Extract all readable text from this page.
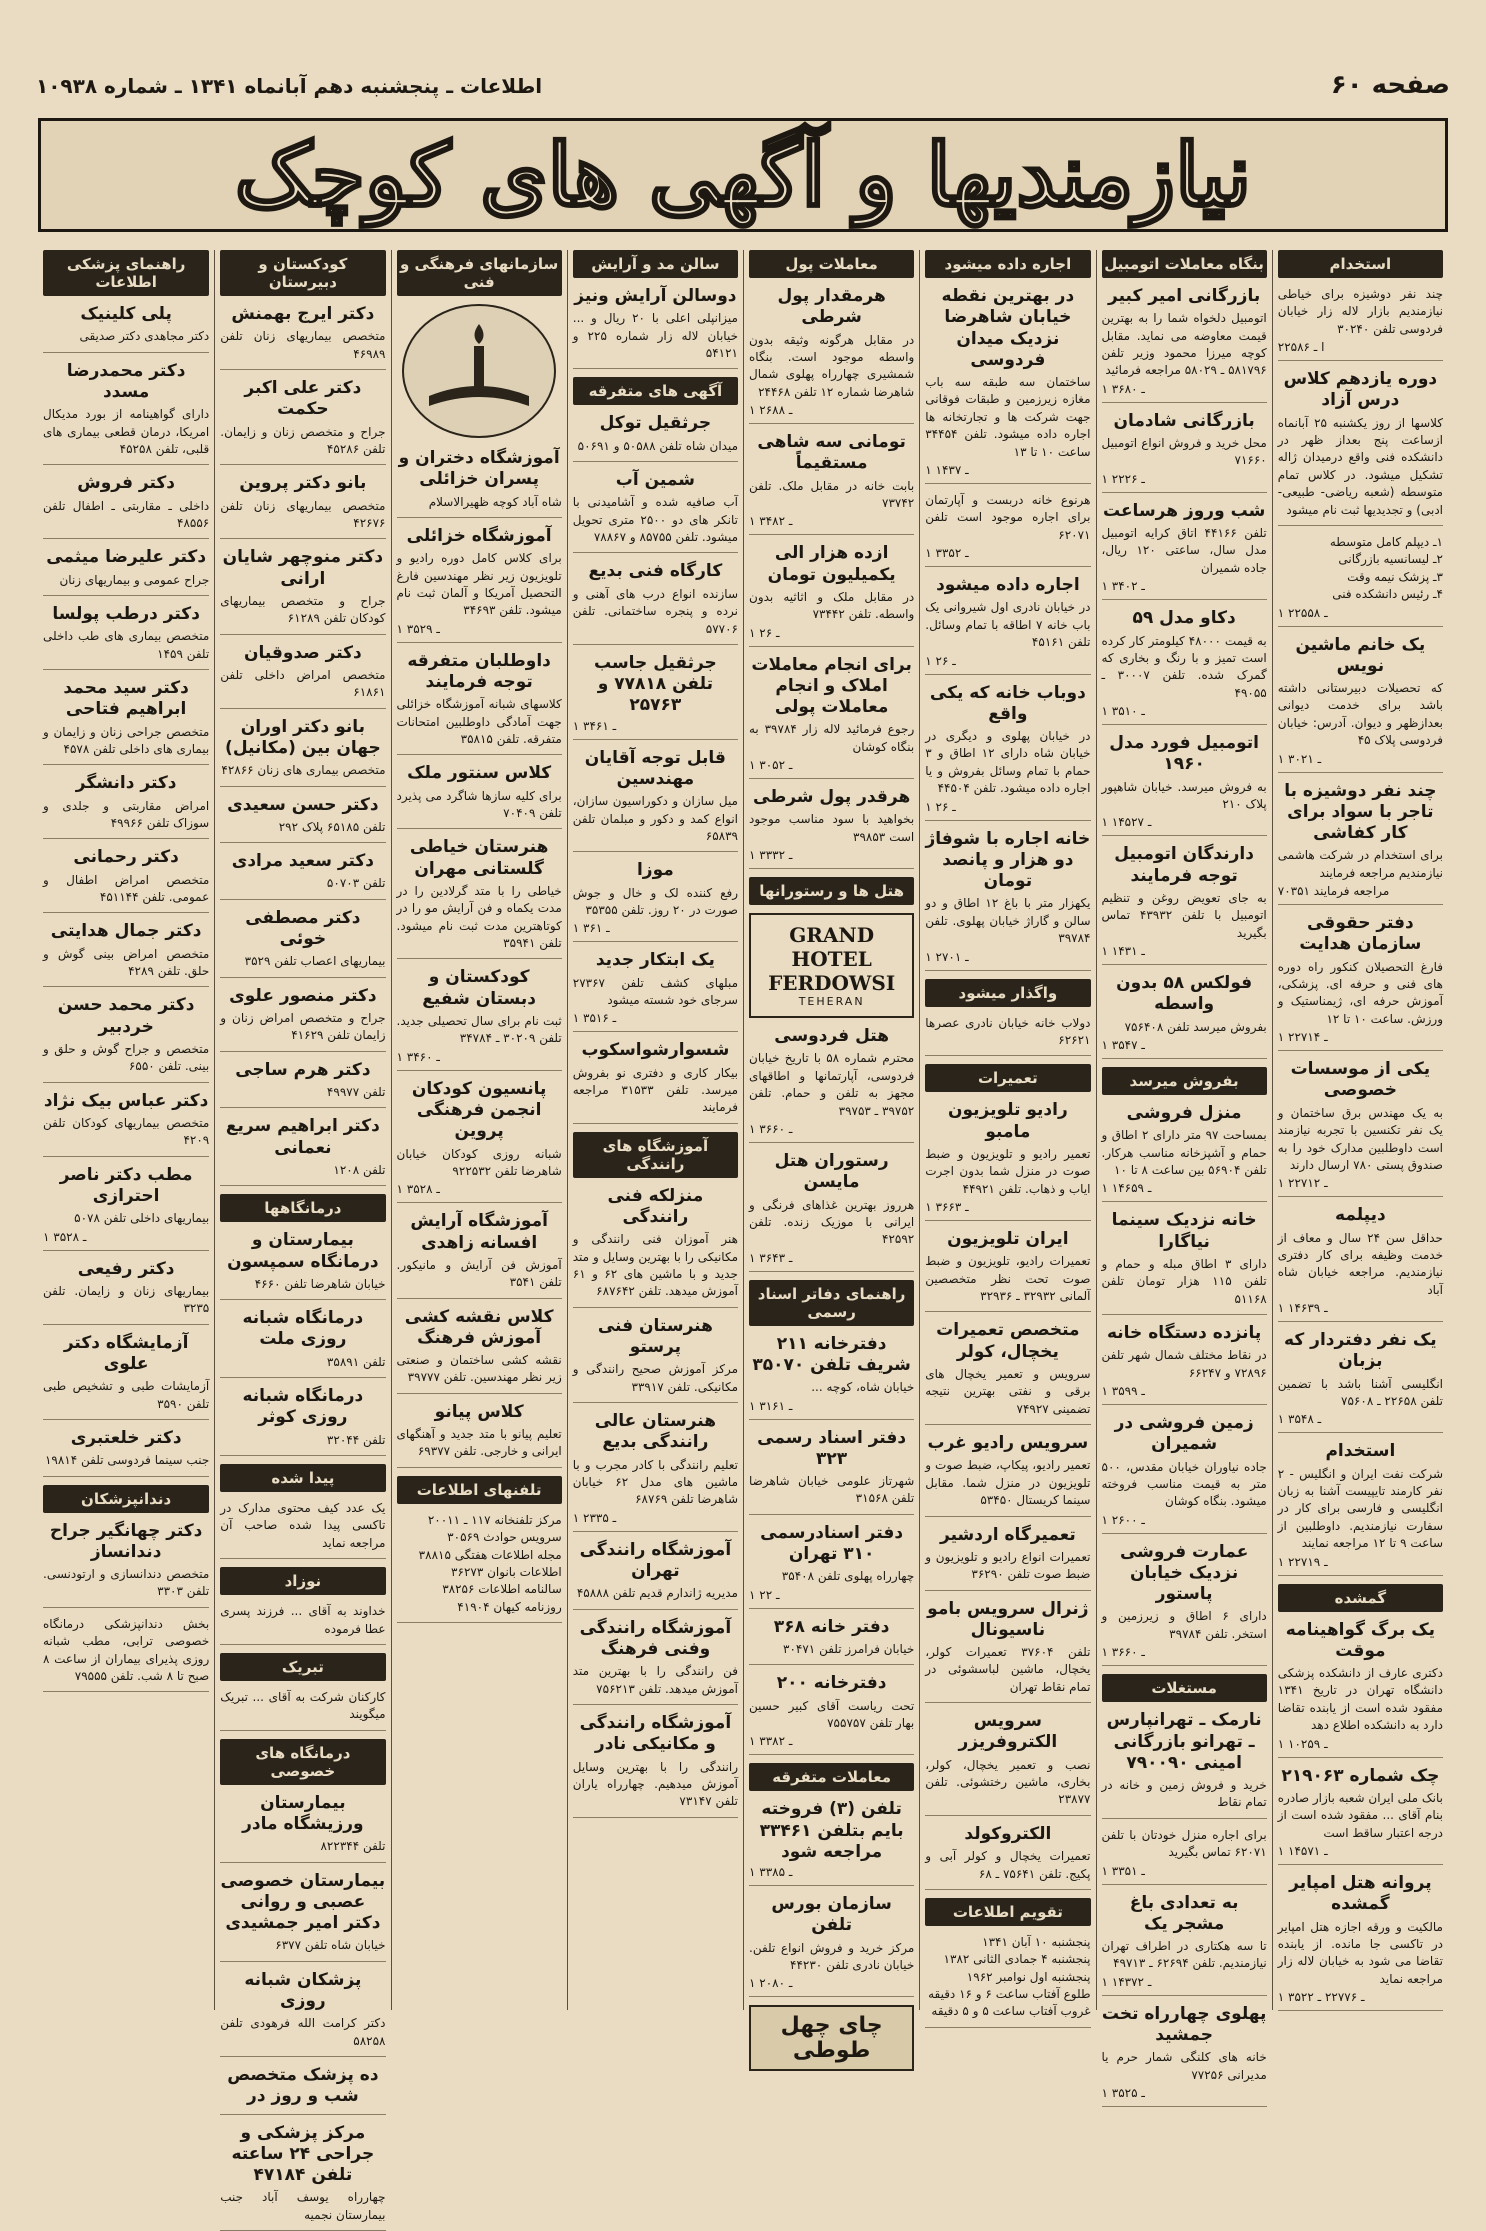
صفحه ۶۰
اطلاعات ـ پنجشنبه دهم آبانماه ۱۳۴۱ ـ شماره ۱۰۹۳۸
نیازمندیها و آگهی های کوچک
استخدام
چند نفر دوشیزه برای خیاطی نیازمندیم بازار لاله زار خیابان فردوسی تلفن ۳۰۲۴۰
ا‍ ـ ۲۲۵۸۶
دوره یازدهم کلاس درس آزاد
کلاسها از روز یکشنبه ۲۵ آبانماه ازساعت پنج بعداز ظهر در دانشکده فنی واقع درمیدان ژاله تشکیل میشود. در کلاس تمام متوسطه (شعبه ریاضی- طبیعی- ادبی) و تجدیدیها ثبت نام میشود
۱ـ دیپلم کامل متوسطه
۲ـ لیسانسیه بازرگانی
۳ـ پزشک نیمه وقت
۴ـ رئیس دانشکده فنی
۱ ـ ۲۲۵۵۸
یک خانم ماشین نویس
که تحصیلات دبیرستانی داشته باشد برای خدمت دیوانی بعدازظهر و دیوان. آدرس: خیابان فردوسی پلاک ۴۵
۱ ـ ۳۰۲۱
چند نفر دوشیزه با تاجر با سواد برای کار کفاشی
برای استخدام در شرکت هاشمی نیازمندیم مراجعه فرمایند
۷۰۳۵۱ مراجعه فرمایند
دفتر حقوقی سازمان هدایت
فارغ التحصیلان کنکور راه دوره های فنی و حرفه ای. پزشکی، آموزش حرفه ای، ژیمناستیک و ورزش. ساعت ۱۰ تا ۱۲
۱ ـ ۲۲۷۱۴
یکی از موسسات خصوصی
به یک مهندس برق ساختمان و یک نفر تکنسین با تجربه نیازمند است داوطلبین مدارک خود را به صندوق پستی ۷۸۰ ارسال دارند
۱ ـ ۲۲۷۱۲
دیپلمه
حداقل سن ۲۴ سال و معاف از خدمت وظیفه برای کار دفتری نیازمندیم. مراجعه خیابان شاه آباد
۱ ـ ۱۴۶۳۹
یک نفر دفتردار که بزبان
انگلیسی آشنا باشد با تضمین تلفن ۲۲۶۵۸ ـ ۷۵۶۰۸
۱ ـ ۳۵۴۸
استخدام
شرکت نفت ایران و انگلیس - ۲ نفر کارمند تایپیست آشنا به زبان انگلیسی و فارسی برای کار در سفارت نیازمندیم. داوطلبین از ساعت ۹ تا ۱۲ مراجعه نمایند
۱ ـ ۲۲۷۱۹
گمشده
یک برگ گواهینامه موقت
دکتری عارف از دانشکده پزشکی دانشگاه تهران در تاریخ ۱۳۴۱ مفقود شده است از یابنده تقاضا دارد به دانشکده اطلاع دهد
۱ ـ ۱۰۲۵۹
چک شماره ۲۱۹۰۶۳
بانک ملی ایران شعبه بازار صادره بنام آقای ... مفقود شده است از درجه اعتبار ساقط است
۱ ـ ۱۴۵۷۱
پروانه هتل امپایر گمشده
مالکیت و ورقه اجازه هتل امپایر در تاکسی جا مانده. از یابنده تقاضا می شود به خیابان لاله زار مراجعه نماید
۱ ـ ۲۲۷۷۶ ـ ۳۵۲۲
بنگاه معاملات اتومبیل
بازرگانی امیر کبیر
اتومبیل دلخواه شما را به بهترین قیمت معاوضه می نماید. مقابل کوچه میرزا محمود وزیر تلفن ۵۸۱۷۹۶ ـ ۵۸۰۲۹ مراجعه فرمائید
۱ ـ ۳۶۸۰
بازرگانی شادمان
محل خرید و فروش انواع اتومبیل ۷۱۶۶۰
۱ ـ ۲۲۲۶
شب وروز هرساعت
تلفن ۴۴۱۶۶ اتاق کرایه اتومبیل مدل سال، ساعتی ۱۲۰ ریال، جاده شمیران
۱ ـ ۳۴۰۲
دکاو مدل ۵۹
به قیمت ۴۸۰۰۰ کیلومتر کار کرده است تمیز و با رنگ و بخاری که گمرک شده. تلفن ۳۰۰۰۷ ـ ۴۹۰۵۵
۱ ـ ۳۵۱۰
اتومبیل فورد مدل ۱۹۶۰
به فروش میرسد. خیابان شاهپور پلاک ۲۱۰
۱ ـ ۱۴۵۲۷
دارندگان اتومبیل توجه فرمایند
به جای تعویض روغن و تنظیم اتومبیل با تلفن ۴۳۹۳۲ تماس بگیرید
۱ ـ ۱۴۳۱
فولکس ۵۸ بدون واسطه
بفروش میرسد تلفن ۷۵۶۴۰۸
۱ ـ ۳۵۴۷
بفروش میرسد
منزل فروشی
بمساحت ۹۷ متر دارای ۲ اطاق و حمام و آشپزخانه مناسب هرکار. تلفن ۵۶۹۰۴ بین ساعت ۸ تا ۱۰
۱ ـ ۱۴۶۵۹
خانه نزدیک سینما نیاگارا
دارای ۳ اطاق مبله و حمام و تلفن ۱۱۵ هزار تومان تلفن ۵۱۱۶۸
پانزده دستگاه خانه
در نقاط مختلف شمال شهر تلفن ۷۲۸۹۶ و ۶۶۲۴۷
۱ ـ ۳۵۹۹
زمین فروشی در شمیران
جاده نیاوران خیابان مقدس، ۵۰۰ متر به قیمت مناسب فروخته میشود. بنگاه کوشان
۱ ـ ۲۶۰۰
عمارت فروشی نزدیک خیابان پاستور
دارای ۶ اطاق و زیرزمین و استخر. تلفن ۳۹۷۸۴
۱ ـ ۳۶۶۰
مستغلات
نارمک ـ تهرانپارس ـ تهرانو بازرگانی امینی ۷۹۰۰۹۰
خرید و فروش زمین و خانه در تمام نقاط
برای اجاره منزل خودتان با تلفن ۶۲۰۷۱ تماس بگیرید
۱ ـ ۳۳۵۱
به تعدادی باغ مشجر یک
تا سه هکتاری در اطراف تهران نیازمندیم. تلفن ۶۲۶۹۴ ـ ۴۹۷۱۳
۱ ـ ۱۴۳۷۲
پهلوی چهارراه تخت جمشید
خانه های کلنگی شمار حرم یا مدیرانی ۷۷۲۵۶
۱ ـ ۳۵۲۵
اجاره داده میشود
در بهترین نقطه خیابان شاهرضا نزدیک میدان فردوسی
ساختمان سه طبقه سه باب مغازه زیرزمین و طبقات فوقانی جهت شرکت ها و تجارتخانه ها اجاره داده میشود. تلفن ۳۴۴۵۴ ساعت ۱۰ تا ۱۳
۱ ـ ۱۴۳۷
هرنوع خانه دربست و آپارتمان برای اجاره موجود است تلفن ۶۲۰۷۱
۱ ـ ۳۳۵۲
اجاره داده میشود
در خیابان نادری اول شیروانی یک باب خانه ۷ اطاقه با تمام وسائل. تلفن ۴۵۱۶۱
۱ ـ ۲۶
دوباب خانه که یکی واقع
در خیابان پهلوی و دیگری در خیابان شاه دارای ۱۲ اطاق و ۳ حمام با تمام وسائل بفروش و یا اجاره داده میشود. تلفن ۴۴۵۰۴
۱ ـ ۲۶
خانه اجاره با شوفاژ دو هزار و پانصد تومان
یکهزار متر با باغ ۱۲ اطاق و دو سالن و گاراژ خیابان پهلوی. تلفن ۳۹۷۸۴
۱ ـ ۲۷۰۱
واگذار میشود
دولاب خانه خیابان نادری عصرها ۶۲۶۲۱
تعمیرات
رادیو تلویزیون مامبو
تعمیر رادیو و تلویزیون و ضبط صوت در منزل شما بدون اجرت ایاب و ذهاب. تلفن ۴۴۹۲۱
۱ ـ ۳۶۶۳
ایران تلویزیون
تعمیرات رادیو، تلویزیون و ضبط صوت تحت نظر متخصصین آلمانی ۳۲۹۳۲ ـ ۳۲۹۳۶
متخصص تعمیرات یخچال، کولر
سرویس و تعمیر یخچال های برقی و نفتی بهترین نتیجه تضمینی ۷۴۹۲۷
سرویس رادیو غرب
تعمیر رادیو، پیکاپ، ضبط صوت و تلویزیون در منزل شما. مقابل سینما کریستال ۵۳۴۵۰
تعمیرگاه اردشیر
تعمیرات انواع رادیو و تلویزیون و ضبط صوت تلفن ۳۶۲۹۰
ژنرال سرویس بامو ناسیونال
تلفن ۳۷۶۰۴ تعمیرات کولر، یخچال، ماشین لباسشوئی در تمام نقاط تهران
سرویس الکتروفریزر
نصب و تعمیر یخچال، کولر، بخاری، ماشین رختشوئی. تلفن ۲۳۸۷۷
الکتروکولد
تعمیرات یخچال و کولر آبی و پکیج. تلفن ۷۵۶۴۱ ـ ۶۸
تقویم اطلاعات
پنجشنبه ۱۰ آبان ۱۳۴۱
پنجشنبه ۴ جمادی الثانی ۱۳۸۲
پنجشنبه اول نوامبر ۱۹۶۲
طلوع آفتاب ساعت ۶ و ۱۶ دقیقه
غروب آفتاب ساعت ۵ و ۵ دقیقه
معاملات پول
هرمقدار پول شرطی
در مقابل هرگونه وثیقه بدون واسطه موجود است. بنگاه شمشیری چهارراه پهلوی شمال شاهرضا شماره ۱۲ تلفن ۲۴۴۶۸
۱ ـ ۲۶۸۸
تومانی سه شاهی مستقیماً
بابت خانه در مقابل ملک. تلفن ۷۳۷۴۲
۱ ـ ۳۴۸۲
ازده هزار الی یکمیلیون تومان
در مقابل ملک و اثاثیه بدون واسطه. تلفن ۷۳۴۴۲
۱ ـ ۲۶
برای انجام معاملات املاک و انجام معاملات پولی
رجوع فرمائید لاله زار ۳۹۷۸۴ به بنگاه کوشان
۱ ـ ۳۰۵۲
هرقدر پول شرطی
بخواهید با سود مناسب موجود است ۳۹۸۵۳
۱ ـ ۳۳۳۲
هتل ها و رستورانها
GRAND HOTEL FERDOWSI
TEHERAN
هتل فردوسی
محترم شماره ۵۸ با تاریخ خیابان فردوسی، آپارتمانها و اطاقهای مجهز به تلفن و حمام. تلفن ۳۹۷۵۲ ـ ۳۹۷۵۳
۱ ـ ۳۶۶۰
رستوران هتل مایسن
هرروز بهترین غذاهای فرنگی و ایرانی با موزیک زنده. تلفن ۴۲۵۹۲
۱ ـ ۳۶۴۳
راهنمای دفاتر اسناد رسمی
دفترخانه ۲۱۱ شریف تلفن ۳۵۰۷۰
خیابان شاه، کوچه ...
۱ ـ ۳۱۶۱
دفتر اسناد رسمی ۳۲۳
شهرتاز علومی خیابان شاهرضا تلفن ۳۱۵۶۸
دفتر اسنادرسمی ۳۱۰ تهران
چهارراه پهلوی تلفن ۳۵۴۰۸
۱ ـ ۲۲
دفتر خانه ۳۶۸
خیابان فرامرز تلفن ۳۰۴۷۱
دفترخانه ۲۰۰
تحت ریاست آقای کبیر حسین بهار تلفن ۷۵۵۷۵۷
۱ ـ ۳۳۸۲
معاملات متفرقه
تلفن (۳) فروخته بایم بتلفن ۳۳۴۶۱ مراجعه شود
۱ ـ ۳۳۸۵
سازمان بورس تلفن
مرکز خرید و فروش انواع تلفن. خیابان نادری تلفن ۴۴۲۳۰
۱ ـ ۲۰۸۰
چای چهل طوطی
سالن مد و آرایش
دوسالن آرایش ونیز
میزانپلی اعلی با ۲۰ ریال و ... خیابان لاله زار شماره ۲۲۵ و ۵۴۱۲۱
آگهی های متفرقه
جرثقیل توکل
میدان شاه تلفن ۵۰۵۸۸ و ۵۰۶۹۱
شمین آب
آب صافیه شده و آشامیدنی با تانکر های دو ۲۵۰۰ متری تحویل میشود. تلفن ۸۵۷۵۵ و ۷۸۸۶۷
کارگاه فنی بدیع
سازنده انواع درب های آهنی و نرده و پنجره ساختمانی. تلفن ۵۷۷۰۶
جرثقیل جاسب تلفن ۷۷۸۱۸ و ۲۵۷۶۳
۱ ـ ۳۴۶۱
قابل توجه آقایان مهندسین
میل سازان و دکوراسیون سازان، انواع کمد و دکور و مبلمان تلفن ۶۵۸۳۹
موزا
رفع کننده لک و خال و جوش صورت در ۲۰ روز. تلفن ۳۵۳۵۵
۱ ـ ۳۶۱
یک ابتکار جدید
مبلهای کشف تلفن ۲۷۳۶۷ سرجای خود شسته میشود
۱ ـ ۳۵۱۶
شسوارشواسکوب
بیکار کاری و دفتری نو بفروش میرسد. تلفن ۳۱۵۳۳ مراجعه فرمایند
آموزشگاه های رانندگی
منزلکه فنی رانندگی
هنر آموزان فنی رانندگی و مکانیکی را با بهترین وسایل و متد جدید و با ماشین های ۶۲ و ۶۱ آموزش میدهد. تلفن ۶۸۷۶۴۲
هنرستان فنی پرستو
مرکز آموزش صحیح رانندگی و مکانیکی. تلفن ۳۳۹۱۷
هنرستان عالی رانندگی بدیع
تعلیم رانندگی با کادر مجرب و با ماشین های مدل ۶۲ خیابان شاهرضا تلفن ۶۸۷۶۹
۱ ـ ۲۳۳۵
آموزشگاه رانندگی تهران
مدیریه ژاندارم قدیم تلفن ۴۵۸۸۸
آموزشگاه رانندگی وفنی فرهنگ
فن رانندگی را با بهترین متد آموزش میدهد. تلفن ۷۵۶۲۱۳
آموزشگاه رانندگی و مکانیکی نادر
رانندگی را با بهترین وسایل آموزش میدهیم. چهارراه یاران تلفن ۷۳۱۴۷
سازمانهای فرهنگی و فنی
آموزشگاه دختران و پسران خزائلی
شاه آباد کوچه ظهیرالاسلام
آموزشگاه خزائلی
برای کلاس کامل دوره رادیو و تلویزیون زیر نظر مهندسین فارغ التحصیل آمریکا و آلمان ثبت نام میشود. تلفن ۳۴۶۹۳
۱ ـ ۳۵۲۹
داوطلبان متفرقه توجه فرمایند
کلاسهای شبانه آموزشگاه خزائلی جهت آمادگی داوطلبین امتحانات متفرقه. تلفن ۳۵۸۱۵
کلاس سنتور ملک
برای کلیه سازها شاگرد می پذیرد تلفن ۷۰۴۰۹
هنرستان خیاطی گلستانی مهران
خیاطی را با متد گرلادین را در مدت یکماه و فن آرایش مو را در کوتاهترین مدت ثبت نام میشود. تلفن ۳۵۹۴۱
کودکستان و دبستان شفیع
ثبت نام برای سال تحصیلی جدید. تلفن ۳۰۲۰۹ ـ ۳۴۷۸۴
۱ ـ ۳۴۶۰
پانسیون کودکان انجمن فرهنگی پروین
شبانه روزی کودکان خیابان شاهرضا تلفن ۹۲۲۵۳۲
۱ ـ ۳۵۲۸
آموزشگاه آرایش افسانه زاهدی
آموزش فن آرایش و مانیکور. تلفن ۳۵۴۱
کلاس نقشه کشی آموزش فرهنگ
نقشه کشی ساختمان و صنعتی زیر نظر مهندسین. تلفن ۳۹۷۷۷
کلاس پیانو
تعلیم پیانو با متد جدید و آهنگهای ایرانی و خارجی. تلفن ۶۹۳۷۷
تلفنهای اطلاعات
مرکز تلفنخانه ۱۱۷ ـ ۲۰۰۱۱
سرویس حوادث ۳۰۵۶۹
مجله اطلاعات هفتگی ۳۸۸۱۵
اطلاعات بانوان ۳۶۲۷۳
سالنامه اطلاعات ۳۸۲۵۶
روزنامه کیهان ۴۱۹۰۴
کودکستان و دبیرستان
دکتر ایرج بهمنش
متخصص بیماریهای زنان تلفن ۴۶۹۸۹
دکتر علی اکبر حکمت
جراح و متخصص زنان و زایمان. تلفن ۴۵۲۸۶
بانو دکتر پروین
متخصص بیماریهای زنان تلفن ۴۲۶۷۶
دکتر منوچهر شایان ارانی
جراح و متخصص بیماریهای کودکان تلفن ۶۱۲۸۹
دکتر صدوقیان
متخصص امراض داخلی تلفن ۶۱۸۶۱
بانو دکتر اوران جهان بین (مکانیل)
متخصص بیماری های زنان ۴۲۸۶۶
دکتر حسن سعیدی
تلفن ۶۵۱۸۵ پلاک ۲۹۲
دکتر سعید مرادی
تلفن ۵۰۷۰۳
دکتر مصطفی خوئی
بیماریهای اعصاب تلفن ۳۵۲۹
دکتر منصور علوی
جراح و متخصص امراض زنان و زایمان تلفن ۴۱۶۲۹
دکتر هرم ساجی
تلفن ۴۹۹۷۷
دکتر ابراهیم سریع نعمانی
تلفن ۱۲۰۸
درمانگاهها
بیمارستان و درمانگاه سمپسون
خیابان شاهرضا تلفن ۴۶۶۰
درمانگاه شبانه روزی ملت
تلفن ۳۵۸۹۱
درمانگاه شبانه روزی کوثر
تلفن ۳۲۰۴۴
پیدا شده
یک عدد کیف محتوی مدارک در تاکسی پیدا شده صاحب آن مراجعه نماید
نوزاد
خداوند به آقای ... فرزند پسری عطا فرموده
تبریک
کارکنان شرکت به آقای ... تبریک میگویند
درمانگاه های خصوصی
بیمارستان ورزیشگاه مادر
تلفن ۸۲۲۳۴۴
بیمارستان خصوصی عصبی و روانی دکتر امیر جمشیدی
خیابان شاه تلفن ۶۳۷۷
پزشکان شبانه روزی
دکتر کرامت الله فرهودی تلفن ۵۸۲۵۸
ده پزشک متخصص شب و روز در
مرکز پزشکی و جراحی ۲۴ ساعته تلفن ۴۷۱۸۴
چهارراه یوسف آباد جنب بیمارستان نجمیه
راهنمای پزشکی اطلاعات
پلی کلینیک
دکتر مجاهدی دکتر صدیقی
دکتر محمدرضا مسدد
دارای گواهینامه از بورد مدیکال امریکا، درمان قطعی بیماری های قلبی، تلفن ۴۵۲۵۸
دکتر فروش
داخلی ـ مقاربتی ـ اطفال تلفن ۴۸۵۵۶
دکتر علیرضا میثمی
جراح عمومی و بیماریهای زنان
دکتر درطب پولسا
متخصص بیماری های طب داخلی تلفن ۱۴۵۹
دکتر سید محمد ابراهیم فتاحی
متخصص جراحی زنان و زایمان و بیماری های داخلی تلفن ۴۵۷۸
دکتر دانشگر
امراض مقاربتی و جلدی و سوزاک تلفن ۴۹۹۶۶
دکتر رحمانی
متخصص امراض اطفال و عمومی. تلفن ۴۵۱۱۴۴
دکتر جمال هدایتی
متخصص امراض بینی گوش و حلق. تلفن ۴۲۸۹
دکتر محمد حسن خردبیر
متخصص و جراح گوش و حلق و بینی. تلفن ۶۵۵۰
دکتر عباس بیک نژاد
متخصص بیماریهای کودکان تلفن ۴۲۰۹
مطب دکتر ناصر احترازی
بیماریهای داخلی تلفن ۵۰۷۸
۱ ـ ۳۵۲۸
دکتر رفیعی
بیماریهای زنان و زایمان. تلفن ۳۲۳۵
آزمایشگاه دکتر علوی
آزمایشات طبی و تشخیص طبی تلفن ۳۵۹۰
دکتر خلعتبری
جنب سینما فردوسی تلفن ۱۹۸۱۴
دندانپزشکان
دکتر چهانگیر جراح دندانساز
متخصص دندانسازی و ارتودنسی. تلفن ۳۳۰۳
بخش دندانپزشکی درمانگاه خصوصی ترابی، مطب شبانه روزی پذیرای بیماران از ساعت ۸ صبح تا ۸ شب. تلفن ۷۹۵۵۵
